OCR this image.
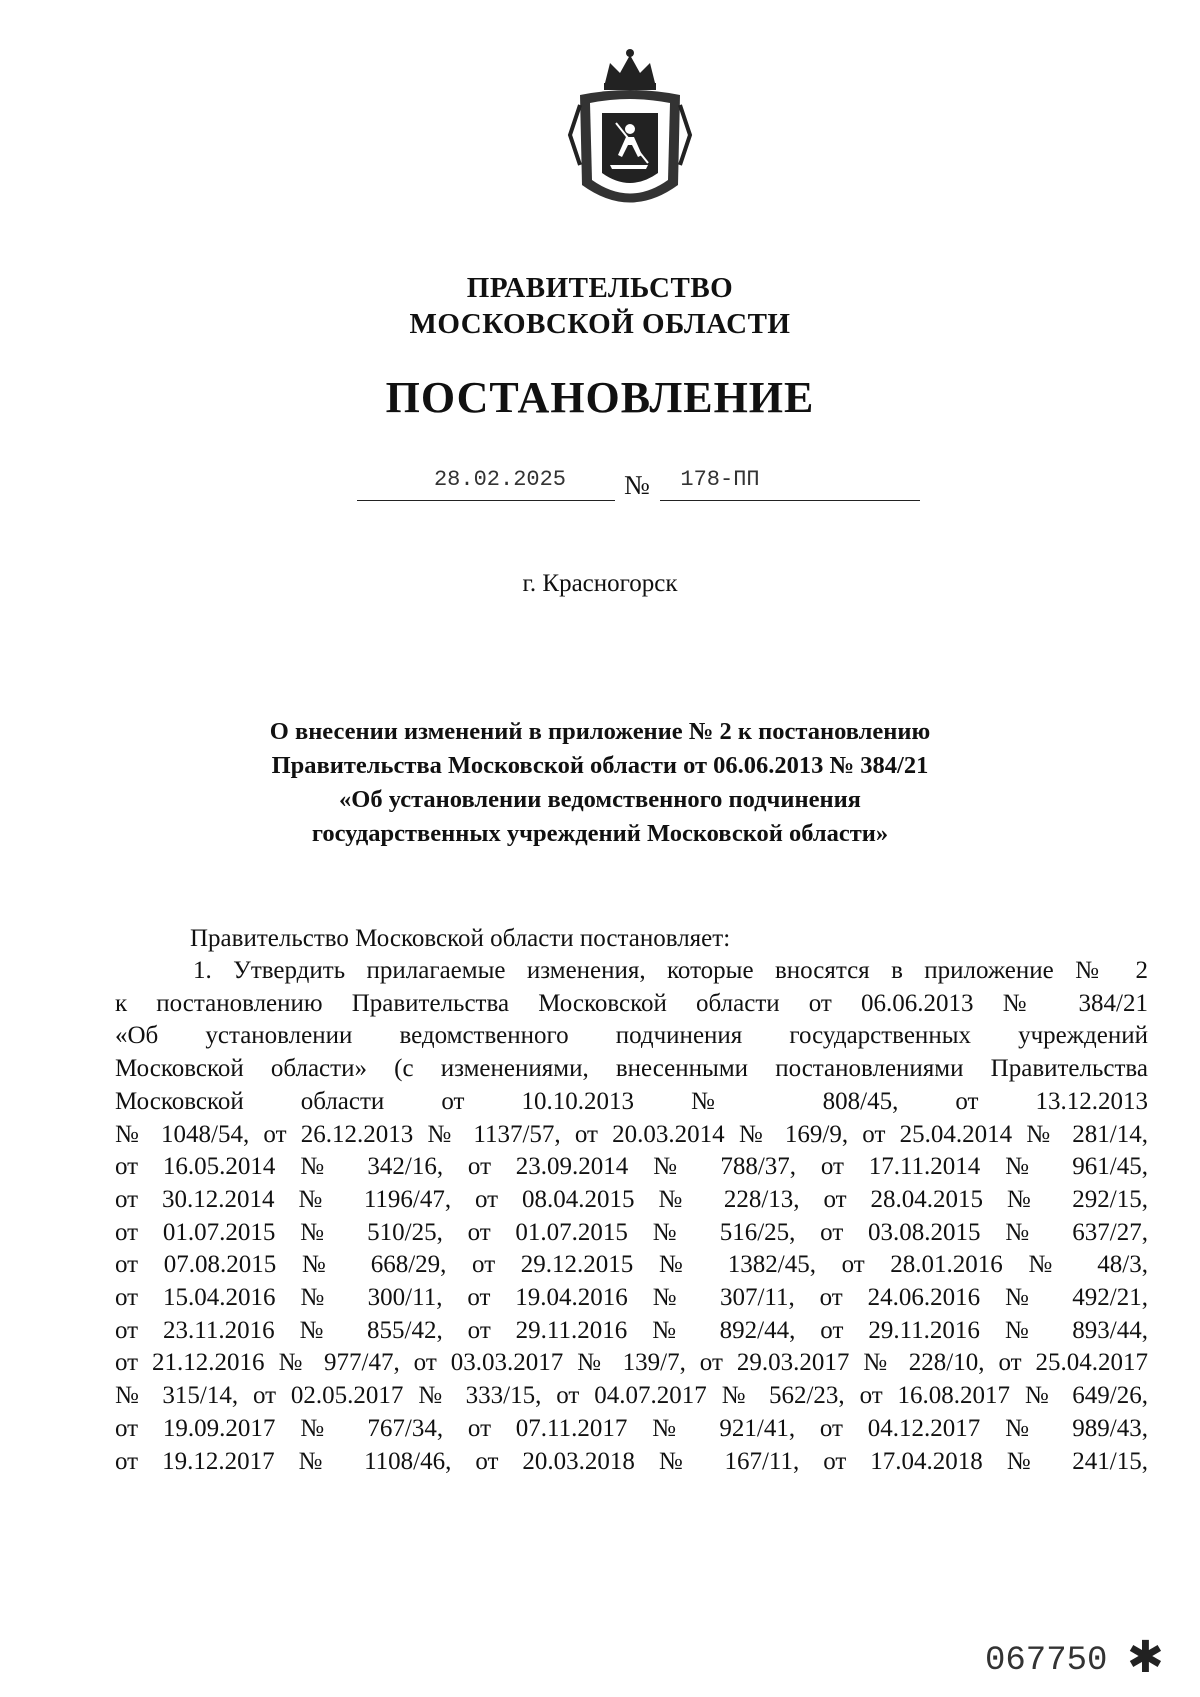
ПРАВИТЕЛЬСТВО
МОСКОВСКОЙ ОБЛАСТИ
ПОСТАНОВЛЕНИЕ
28.02.2025	№	178-ПП
г. Красногорск
О внесении изменений в приложение № 2 к постановлению
Правительства Московской области от 06.06.2013 № 384/21
«Об установлении ведомственного подчинения
государственных учреждений Московской области»
Правительство Московской области постановляет:
1. Утвердить прилагаемые изменения, которые вносятся в приложение № 2
к постановлению Правительства Московской области от 06.06.2013 № 384/21
«Об установлении ведомственного подчинения государственных учреждений
Московской области» (с изменениями, внесенными постановлениями Правительства
Московской области от 10.10.2013 № 808/45, от 13.12.2013
№ 1048/54, от 26.12.2013 № 1137/57, от 20.03.2014 № 169/9, от 25.04.2014 № 281/14,
от 16.05.2014 № 342/16, от 23.09.2014 № 788/37, от 17.11.2014 № 961/45,
от 30.12.2014 № 1196/47, от 08.04.2015 № 228/13, от 28.04.2015 № 292/15,
от 01.07.2015 № 510/25, от 01.07.2015 № 516/25, от 03.08.2015 № 637/27,
от 07.08.2015 № 668/29, от 29.12.2015 № 1382/45, от 28.01.2016 № 48/3,
от 15.04.2016 № 300/11, от 19.04.2016 № 307/11, от 24.06.2016 № 492/21,
от 23.11.2016 № 855/42, от 29.11.2016 № 892/44, от 29.11.2016 № 893/44,
от 21.12.2016 № 977/47, от 03.03.2017 № 139/7, от 29.03.2017 № 228/10, от 25.04.2017
№ 315/14, от 02.05.2017 № 333/15, от 04.07.2017 № 562/23, от 16.08.2017 № 649/26,
от 19.09.2017 № 767/34, от 07.11.2017 № 921/41, от 04.12.2017 № 989/43,
от 19.12.2017 № 1108/46, от 20.03.2018 № 167/11, от 17.04.2018 № 241/15,
067750 ✱
